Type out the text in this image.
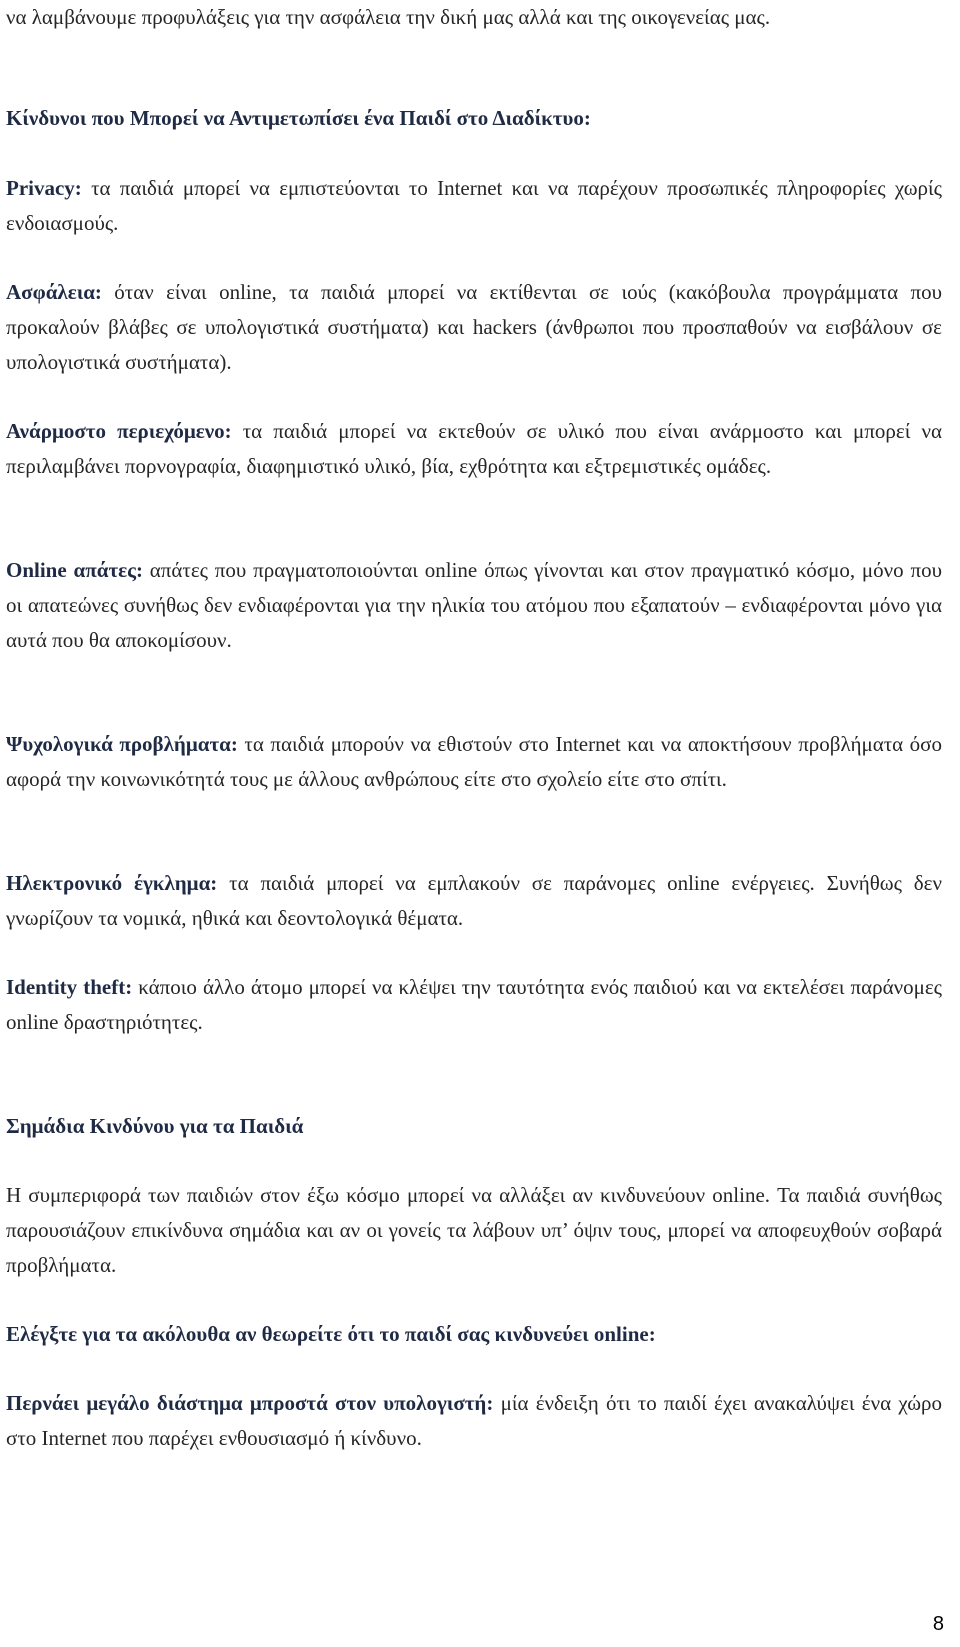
να λαμβάνουμε προφυλάξεις για την ασφάλεια την δική μας αλλά και της οικογενείας μας.

Κίνδυνοι που Μπορεί να Αντιμετωπίσει ένα Παιδί στο Διαδίκτυο:

Privacy: τα παιδιά μπορεί να εμπιστεύονται το Internet και να παρέχουν προσωπικές πληροφορίες χωρίς ενδοιασμούς.

Ασφάλεια: όταν είναι online, τα παιδιά μπορεί να εκτίθενται σε ιούς (κακόβουλα προγράμματα που προκαλούν βλάβες σε υπολογιστικά συστήματα) και hackers (άνθρωποι που προσπαθούν να εισβάλουν σε υπολογιστικά συστήματα).

Ανάρμοστο περιεχόμενο: τα παιδιά μπορεί να εκτεθούν σε υλικό που είναι ανάρμοστο και μπορεί να περιλαμβάνει πορνογραφία, διαφημιστικό υλικό, βία, εχθρότητα και εξτρεμιστικές ομάδες.

Online απάτες: απάτες που πραγματοποιούνται online όπως γίνονται και στον πραγματικό κόσμο, μόνο που οι απατεώνες συνήθως δεν ενδιαφέρονται για την ηλικία του ατόμου που εξαπατούν – ενδιαφέρονται μόνο για αυτά που θα αποκομίσουν.

Ψυχολογικά προβλήματα: τα παιδιά μπορούν να εθιστούν στο Internet και να αποκτήσουν προβλήματα όσο αφορά την κοινωνικότητά τους με άλλους ανθρώπους είτε στο σχολείο είτε στο σπίτι.

Ηλεκτρονικό έγκλημα: τα παιδιά μπορεί να εμπλακούν σε παράνομες online ενέργειες. Συνήθως δεν γνωρίζουν τα νομικά, ηθικά και δεοντολογικά θέματα.

Identity theft: κάποιο άλλο άτομο μπορεί να κλέψει την ταυτότητα ενός παιδιού και να εκτελέσει παράνομες online δραστηριότητες.

Σημάδια Κινδύνου για τα Παιδιά

Η συμπεριφορά των παιδιών στον έξω κόσμο μπορεί να αλλάξει αν κινδυνεύουν online. Τα παιδιά συνήθως παρουσιάζουν επικίνδυνα σημάδια και αν οι γονείς τα λάβουν υπ’ όψιν τους, μπορεί να αποφευχθούν σοβαρά προβλήματα.

Ελέγξτε για τα ακόλουθα αν θεωρείτε ότι το παιδί σας κινδυνεύει online:

Περνάει μεγάλο διάστημα μπροστά στον υπολογιστή: μία ένδειξη ότι το παιδί έχει ανακαλύψει ένα χώρο στο Internet που παρέχει ενθουσιασμό ή κίνδυνο.

8
